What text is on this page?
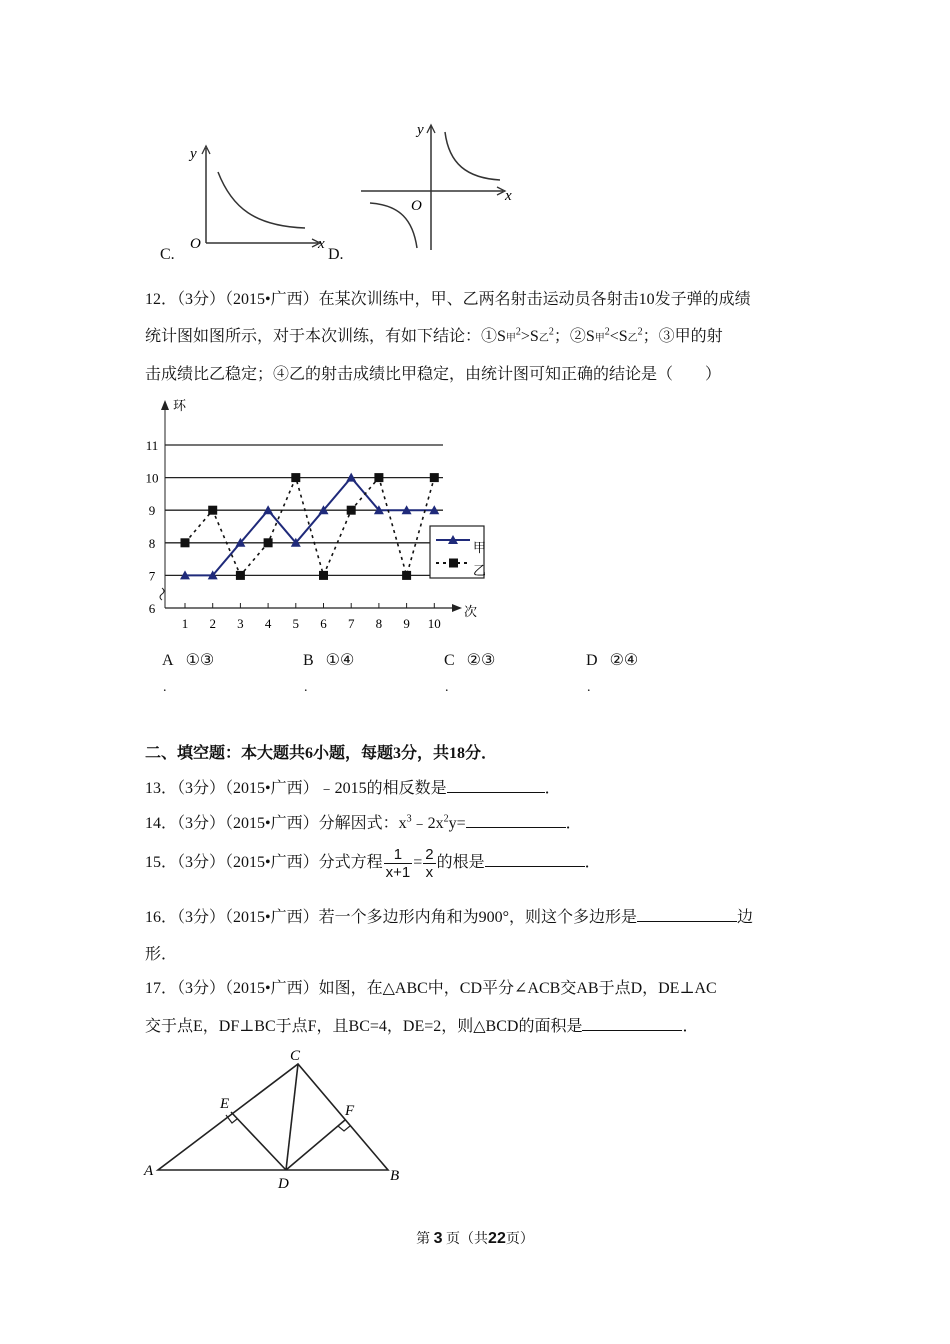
y
x
O
C.
y
x
O
D.
12．（3分）（2015•广西）在某次训练中，甲、乙两名射击运动员各射击10发子弹的成绩
统计图如图所示，对于本次训练，有如下结论：①S甲$^2$>S乙$^2$；②S甲$^2$<S乙$^2$；③甲的射
击成绩比乙稳定；④乙的射击成绩比甲稳定，由统计图可知正确的结论是（　　）
6
7
8
9
10
11
环
次
1 2 3 4 5 6 7 8 9 10
甲
乙
A ①③	B ①④	C ②③	D ②④
.	.	.	.
二、填空题：本大题共6小题，每题3分，共18分．
13．（3分）（2015•广西）﹣2015的相反数是	．
14．（3分）（2015•广西）分解因式：$x^3﹣2x^2y=$	．
15．（3分）（2015•广西）分式方程 $\frac{1}{x+1} = \frac{2}{x}$ 的根是	．
16．（3分）（2015•广西）若一个多边形内角和为900°，则这个多边形是	边
形．
17．（3分）（2015•广西）如图，在△ABC中，CD平分∠ACB交AB于点D，DE⊥AC
交于点E，DF⊥BC于点F，且BC=4，DE=2，则△BCD的面积是	．
A	B
C
D
E	F
第 3 页（共22页）
